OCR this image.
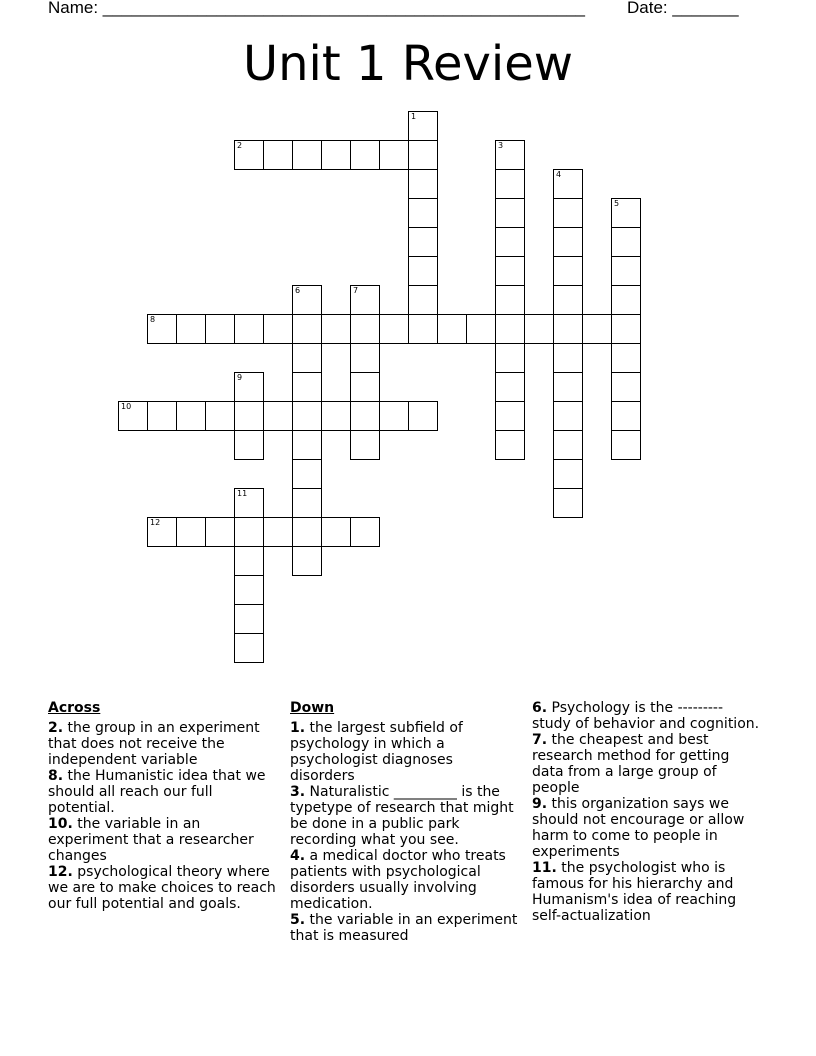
Name: ___________________________________________________ Date: _______
Unit 1 Review
1
2	3
4
5
6	7
8
9
10
11
12
Across
2. the group in an experiment that does not receive the independent variable
8. the Humanistic idea that we should all reach our full potential.
10. the variable in an experiment that a researcher changes
12. psychological theory where we are to make choices to reach our full potential and goals.
Down
1. the largest subfield of psychology in which a psychologist diagnoses disorders
3. Naturalistic _________ is the typetype of research that might be done in a public park recording what you see.
4. a medical doctor who treats patients with psychological disorders usually involving medication.
5. the variable in an experiment that is measured
6. Psychology is the --------- study of behavior and cognition.
7. the cheapest and best research method for getting data from a large group of people
9. this organization says we should not encourage or allow harm to come to people in experiments
11. the psychologist who is famous for his hierarchy and Humanism's idea of reaching self-actualization
